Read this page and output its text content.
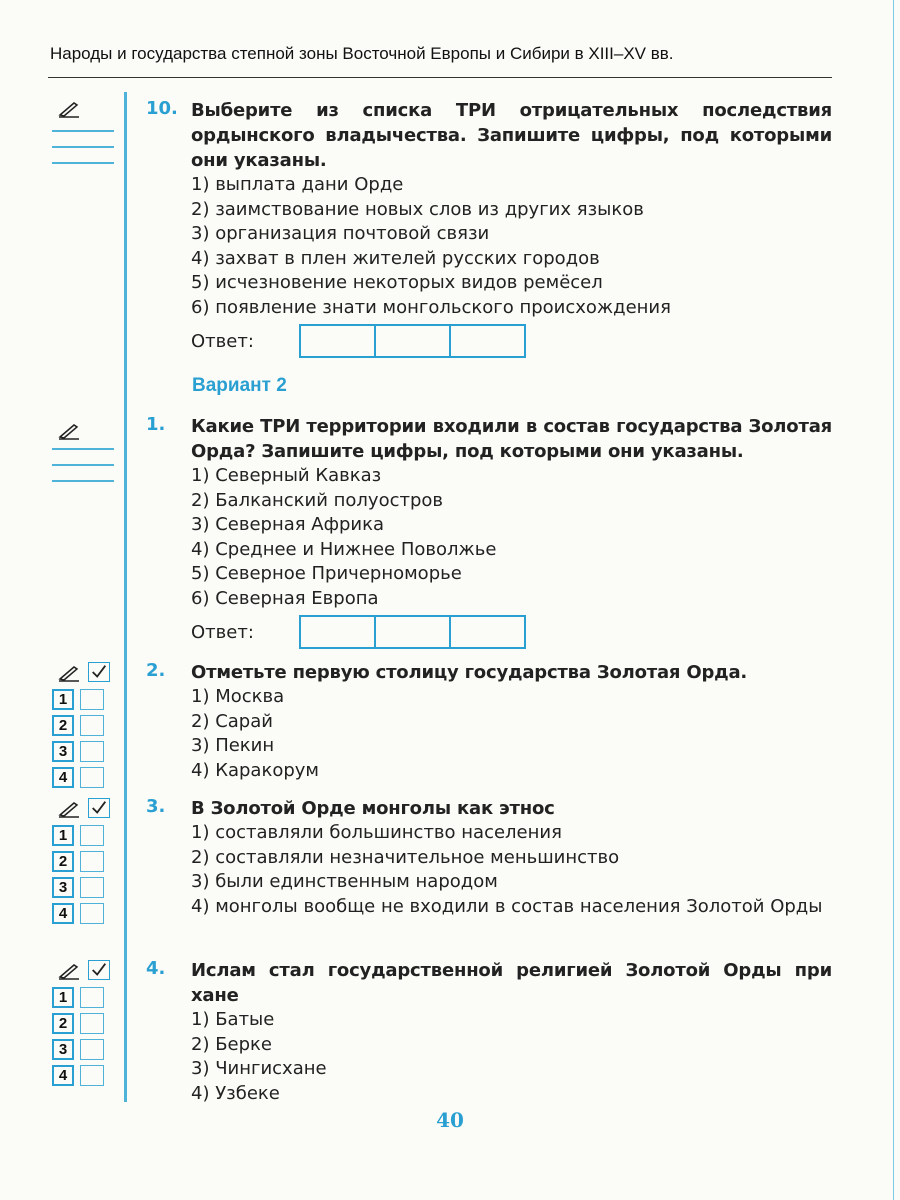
Народы и государства степной зоны Восточной Европы и Сибири в XIII–XV вв.
10. Выберите из списка ТРИ отрицательных последствия ордынского владычества. Запишите цифры, под которыми они указаны.
1) выплата дани Орде
2) заимствование новых слов из других языков
3) организация почтовой связи
4) захват в плен жителей русских городов
5) исчезновение некоторых видов ремёсел
6) появление знати монгольского происхождения
Ответ:
Вариант 2
1.	Какие ТРИ территории входили в состав государства Золотая Орда? Запишите цифры, под которыми они указаны.
1) Северный Кавказ
2) Балканский полуостров
3) Северная Африка
4) Среднее и Нижнее Поволжье
5) Северное Причерноморье
6) Северная Европа
Ответ:
1
2
3
4
2.	Отметьте первую столицу государства Золотая Орда.
1) Москва
2) Сарай
3) Пекин
4) Каракорум
1
2
3
4
3.	В Золотой Орде монголы как этнос
1) составляли большинство населения
2) составляли незначительное меньшинство
3) были единственным народом
4) монголы вообще не входили в состав населения Золотой Орды
1
2
3
4
4.	Ислам стал государственной религией Золотой Орды при хане
1) Батые
2) Берке
3) Чингисхане
4) Узбеке
40
